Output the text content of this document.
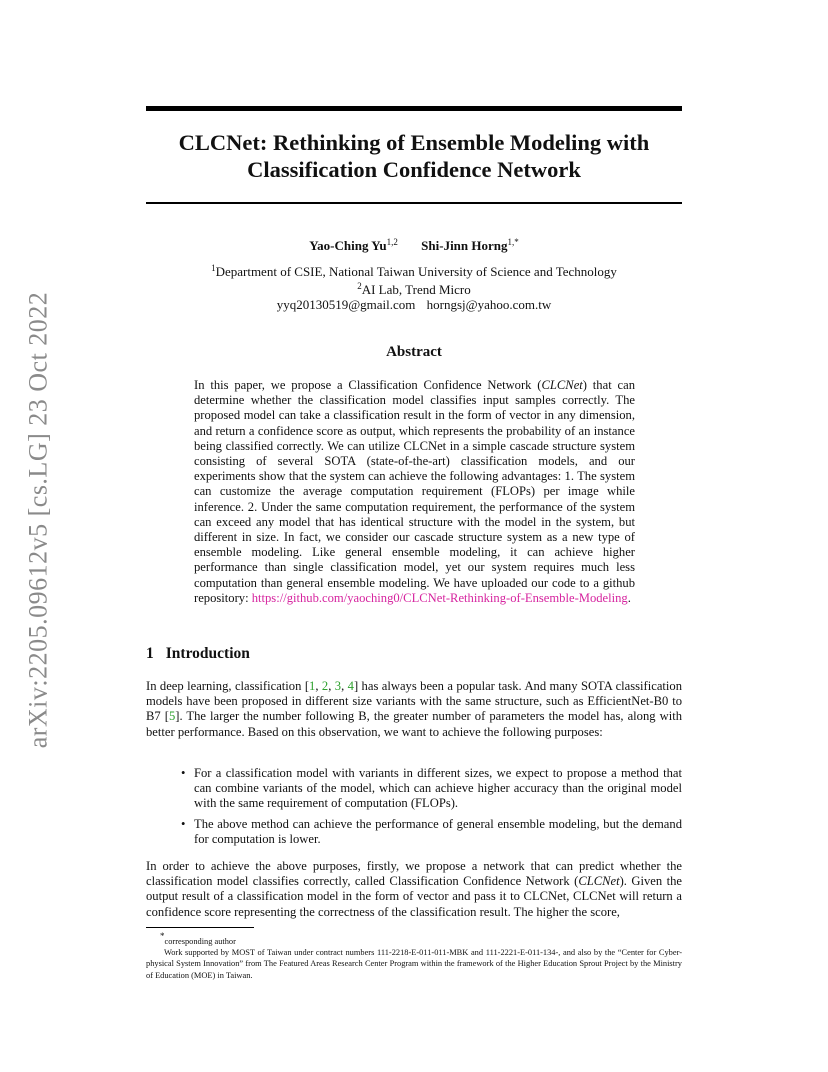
arXiv:2205.09612v5 [cs.LG] 23 Oct 2022
CLCNet: Rethinking of Ensemble Modeling with
Classification Confidence Network
Yao-Ching Yu$^{1,2}$ Shi-Jinn Horng$^{1,*}$
$^1$Department of CSIE, National Taiwan University of Science and Technology
$^2$AI Lab, Trend Micro
yyq20130519@gmail.com horngsj@yahoo.com.tw
Abstract
In this paper, we propose a Classification Confidence Network (CLCNet) that can determine whether the classification model classifies input samples correctly. The proposed model can take a classification result in the form of vector in any dimension, and return a confidence score as output, which represents the probability of an instance being classified correctly. We can utilize CLCNet in a simple cascade structure system consisting of several SOTA (state-of-the-art) classification models, and our experiments show that the system can achieve the following advantages: 1. The system can customize the average computation requirement (FLOPs) per image while inference. 2. Under the same computation requirement, the performance of the system can exceed any model that has identical structure with the model in the system, but different in size. In fact, we consider our cascade structure system as a new type of ensemble modeling. Like general ensemble modeling, it can achieve higher performance than single classification model, yet our system requires much less computation than general ensemble modeling. We have uploaded our code to a github repository: https://github.com/yaoching0/CLCNet-Rethinking-of-Ensemble-Modeling.
1 Introduction
In deep learning, classification [1, 2, 3, 4] has always been a popular task. And many SOTA classification models have been proposed in different size variants with the same structure, such as EfficientNet-B0 to B7 [5]. The larger the number following B, the greater number of parameters the model has, along with better performance. Based on this observation, we want to achieve the following purposes:
• For a classification model with variants in different sizes, we expect to propose a method that can combine variants of the model, which can achieve higher accuracy than the original model with the same requirement of computation (FLOPs).
• The above method can achieve the performance of general ensemble modeling, but the demand for computation is lower.
In order to achieve the above purposes, firstly, we propose a network that can predict whether the classification model classifies correctly, called Classification Confidence Network (CLCNet). Given the output result of a classification model in the form of vector and pass it to CLCNet, CLCNet will return a confidence score representing the correctness of the classification result. The higher the score,
*corresponding author
Work supported by MOST of Taiwan under contract numbers 111-2218-E-011-011-MBK and 111-2221-E-011-134-, and also by the “Center for Cyber-physical System Innovation” from The Featured Areas Research Center Program within the framework of the Higher Education Sprout Project by the Ministry of Education (MOE) in Taiwan.
